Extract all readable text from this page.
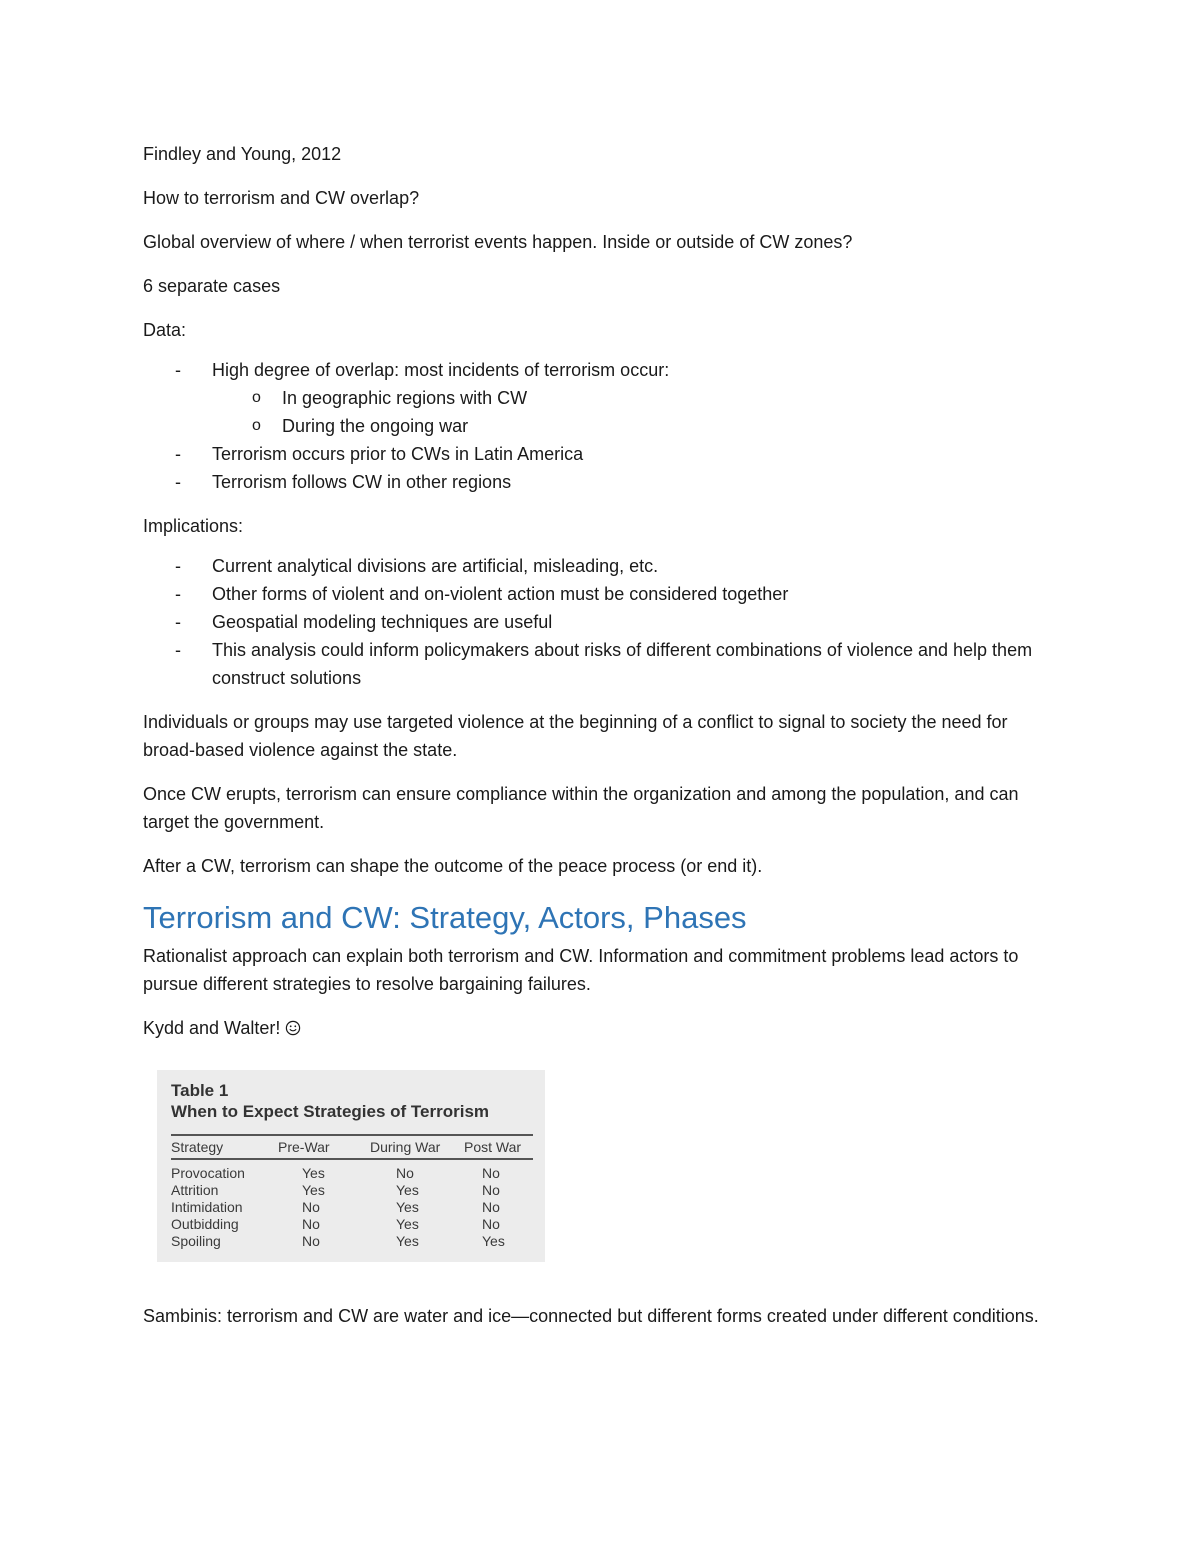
Findley and Young, 2012

How to terrorism and CW overlap?

Global overview of where / when terrorist events happen. Inside or outside of CW zones?

6 separate cases

Data:

- High degree of overlap: most incidents of terrorism occur:
o In geographic regions with CW
o During the ongoing war
- Terrorism occurs prior to CWs in Latin America
- Terrorism follows CW in other regions

Implications:

- Current analytical divisions are artificial, misleading, etc.
- Other forms of violent and on-violent action must be considered together
- Geospatial modeling techniques are useful
- This analysis could inform policymakers about risks of different combinations of violence and help them construct solutions

Individuals or groups may use targeted violence at the beginning of a conflict to signal to society the need for broad-based violence against the state.

Once CW erupts, terrorism can ensure compliance within the organization and among the population, and can target the government.

After a CW, terrorism can shape the outcome of the peace process (or end it).

Terrorism and CW: Strategy, Actors, Phases

Rationalist approach can explain both terrorism and CW. Information and commitment problems lead actors to pursue different strategies to resolve bargaining failures.

Kydd and Walter!

Table 1
When to Expect Strategies of Terrorism
Strategy	Pre-War	During War	Post War
Provocation	Yes	No	No
Attrition	Yes	Yes	No
Intimidation	No	Yes	No
Outbidding	No	Yes	No
Spoiling	No	Yes	Yes

Sambinis: terrorism and CW are water and ice—connected but different forms created under different conditions.
